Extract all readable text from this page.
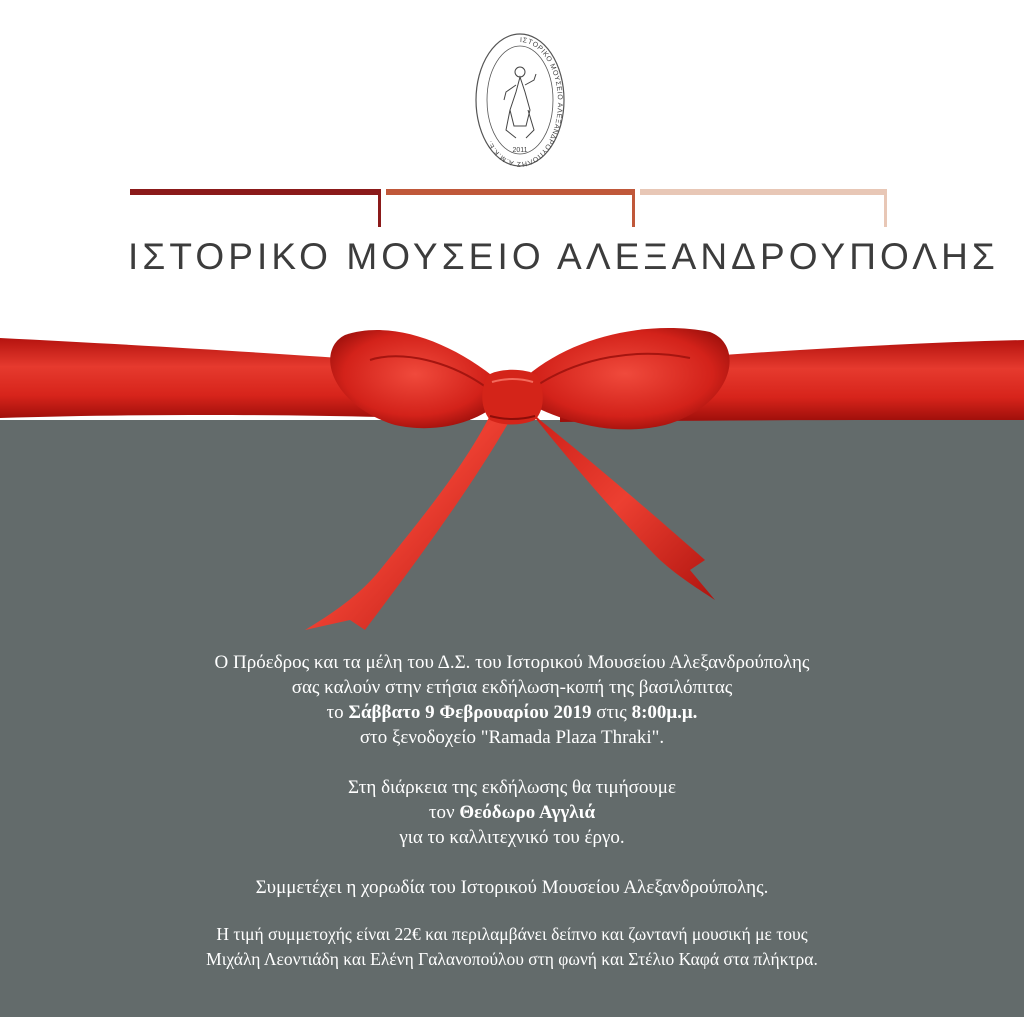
ΙΣΤΟΡΙΚΟ ΜΟΥΣΕΙΟ ΑΛΕΞΑΝΔΡΟΥΠΟΛΗΣ Α.Μ.Κ.Ε.
2011
ΙΣΤΟΡΙΚΟ ΜΟΥΣΕΙΟ ΑΛΕΞΑΝΔΡΟΥΠΟΛΗΣ

Ο Πρόεδρος και τα μέλη του Δ.Σ. του Ιστορικού Μουσείου Αλεξανδρούπολης

σας καλούν στην ετήσια εκδήλωση-κοπή της βασιλόπιτας

το Σάββατο 9 Φεβρουαρίου 2019 στις 8:00μ.μ.

στο ξενοδοχείο "Ramada Plaza Thraki".

Στη διάρκεια της εκδήλωσης θα τιμήσουμε

τον Θεόδωρο Αγγλιά

για το καλλιτεχνικό του έργο.

Συμμετέχει η χορωδία του Ιστορικού Μουσείου Αλεξανδρούπολης.

Η τιμή συμμετοχής είναι 22€ και περιλαμβάνει δείπνο και ζωντανή μουσική με τους

Μιχάλη Λεοντιάδη και Ελένη Γαλανοπούλου στη φωνή και Στέλιο Καφά στα πλήκτρα.
